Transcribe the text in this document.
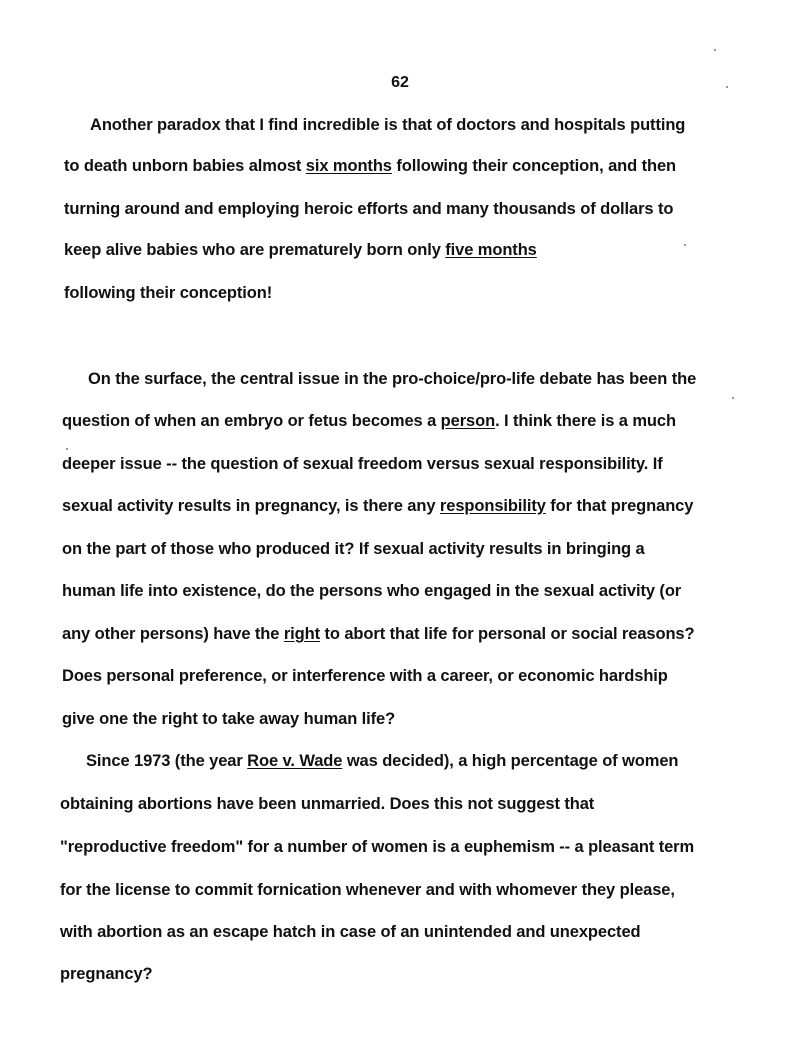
62
Another paradox that I find incredible is that of doctors and hospitals putting
to death unborn babies almost six months following their conception, and then
turning around and employing heroic efforts and many thousands of dollars to
keep alive babies who are prematurely born only five months
following their conception!
On the surface, the central issue in the pro-choice/pro-life debate has been the
question of when an embryo or fetus becomes a person. I think there is a much
deeper issue -- the question of sexual freedom versus sexual responsibility. If
sexual activity results in pregnancy, is there any responsibility for that pregnancy
on the part of those who produced it? If sexual activity results in bringing a
human life into existence, do the persons who engaged in the sexual activity (or
any other persons) have the right to abort that life for personal or social reasons?
Does personal preference, or interference with a career, or economic hardship
give one the right to take away human life?
Since 1973 (the year Roe v. Wade was decided), a high percentage of women
obtaining abortions have been unmarried. Does this not suggest that
"reproductive freedom" for a number of women is a euphemism -- a pleasant term
for the license to commit fornication whenever and with whomever they please,
with abortion as an escape hatch in case of an unintended and unexpected
pregnancy?
